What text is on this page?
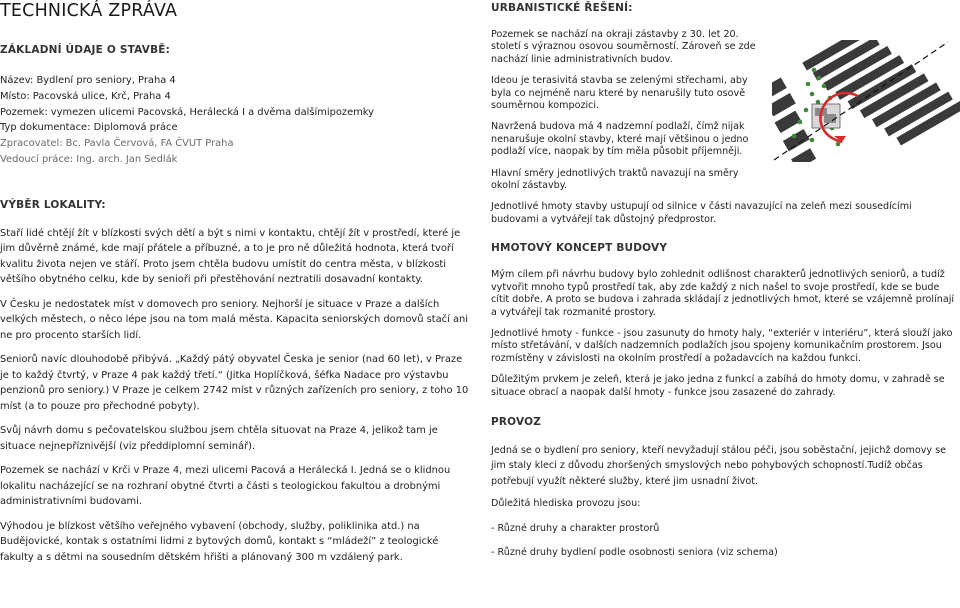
TECHNICKÁ ZPRÁVA
ZÁKLADNÍ ÚDAJE O STAVBĚ:

Název: Bydlení pro seniory, Praha 4

Místo: Pacovská ulice, Krč, Praha 4

Pozemek: vymezen ulicemi Pacovská, Herálecká I a dvěma dalšímipozemky

Typ dokumentace: Diplomová práce

Zpracovatel: Bc. Pavla Červová, FA ČVUT Praha

Vedoucí práce: Ing. arch. Jan Sedlák

VÝBĚR LOKALITY:

Staří lidé chtějí žít v blízkosti svých dětí a být s nimi v kontaktu, chtějí žít v prostředí, které je jim důvěrně známé, kde mají přátele a příbuzné, a to je pro ně důležitá hodnota, která tvoří kvalitu života nejen ve stáří. Proto jsem chtěla budovu umístit do centra města, v blízkosti většího obytného celku, kde by senioři při přestěhování neztratili dosavadní kontakty.

V Česku je nedostatek míst v domovech pro seniory. Nejhorší je situace v Praze a dalších velkých městech, o něco lépe jsou na tom malá města. Kapacita seniorských domovů stačí ani ne pro procento starších lidí.

Seniorů navíc dlouhodobě přibývá. „Každý pátý obyvatel Česka je senior (nad 60 let), v Praze je to každý čtvrtý, v Praze 4 pak každý třetí.“ (Jitka Hoplíčková, šéfka Nadace pro výstavbu penzionů pro seniory.) V Praze je celkem 2742 míst v různých zařízeních pro seniory, z toho 10 míst (a to pouze pro přechodné pobyty).

Svůj návrh domu s pečovatelskou službou jsem chtěla situovat na Praze 4, jelikož tam je situace nejnepříznivější (viz předdiplomní seminář).

Pozemek se nachází v Krči v Praze 4, mezi ulicemi Pacová a Herálecká I. Jedná se o klidnou lokalitu nacházející se na rozhraní obytné čtvrti a části s teologickou fakultou a drobnými administrativními budovami.

Výhodou je blízkost většího veřejného vybavení (obchody, služby, poliklinika atd.) na Budějovické, kontak s ostatními lidmi z bytových domů, kontakt s “mládeží” z teologické fakulty a s dětmi na sousedním dětském hřišti a plánovaný 300 m vzdálený park.

URBANISTICKÉ ŘEŠENÍ:

Pozemek se nachází na okraji zástavby z 30. let 20. století s výraznou osovou souměrností. Zároveň se zde nachází linie administrativních budov.

Ideou je terasivitá stavba se zelenými střechami, aby byla co nejméně naru které by nenarušily tuto osově souměrnou kompozici.

Navržená budova má 4 nadzemní podlaží, čímž nijak nenarušuje okolní stavby, které mají většinou o jedno podlaží více, naopak by tím měla působit příjemněji.

Hlavní směry jednotlivých traktů navazují na směry okolní zástavby.

Jednotlivé hmoty stavby ustupují od silnice v části navazující na zeleň mezi sousedícími budovami a vytvářejí tak důstojný předprostor.

HMOTOVÝ KONCEPT BUDOVY

Mým cílem při návrhu budovy bylo zohlednit odlišnost charakterů jednotlivých seniorů, a tudíž vytvořit mnoho typů prostředí tak, aby zde každý z nich našel to svoje prostředí, kde se bude cítit dobře. A proto se budova i zahrada skládají z jednotlivých hmot, které se vzájemně prolínají a vytvářejí tak rozmanité prostory.

Jednotlivé hmoty - funkce - jsou zasunuty do hmoty haly, “exteriér v interiéru”, která slouží jako místo střetávání, v dalších nadzemních podlažích jsou spojeny komunikačním prostorem. Jsou rozmístěny v závislosti na okolním prostředí a požadavcích na každou funkci.

Důležitým prvkem je zeleň, která je jako jedna z funkcí a zabíhá do hmoty domu, v zahradě se situace obrací a naopak další hmoty - funkce jsou zasazené do zahrady.

PROVOZ

Jedná se o bydlení pro seniory, kteří nevyžadují stálou péči, jsou soběstační, jejichž domovy se jim staly kleci z důvodu zhoršených smyslových nebo pohybových schopností.Tudíž občas potřebují využít některé služby, které jim usnadní život.

Důležitá hlediska provozu jsou:

- Různé druhy a charakter prostorů

- Různé druhy bydlení podle osobnosti seniora (viz schema)
